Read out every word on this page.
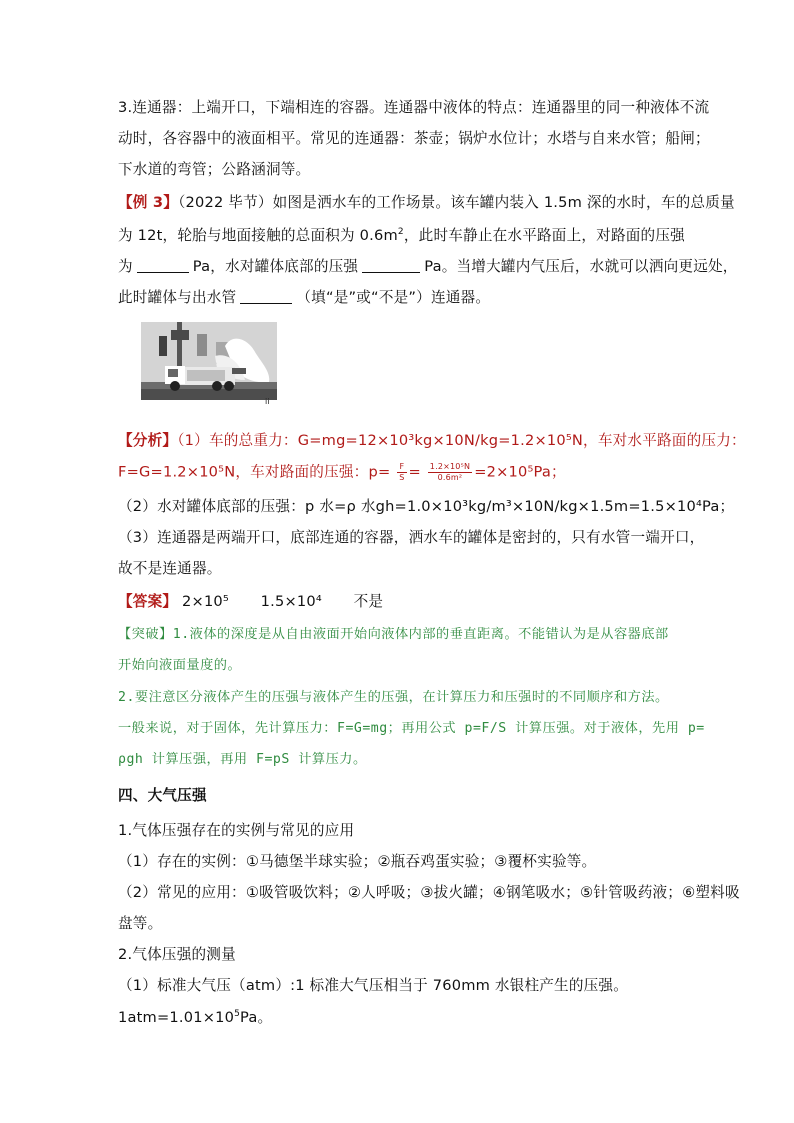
3.连通器：上端开口，下端相连的容器。连通器中液体的特点：连通器里的同一种液体不流
动时，各容器中的液面相平。常见的连通器：茶壶；锅炉水位计；水塔与自来水管；船闸；
下水道的弯管；公路涵洞等。
【例 3】（2022 毕节）如图是洒水车的工作场景。该车罐内装入 1.5m 深的水时，车的总质量
为 12t，轮胎与地面接触的总面积为 $0.6m^2$，此时车静止在水平路面上，对路面的压强
为	Pa，水对罐体底部的压强	Pa。当增大罐内气压后，水就可以洒向更远处，
此时罐体与出水管	（填“是”或“不是”）连通器。
ii
【分析】（1）车的总重力：G=mg=12×10³kg×10N/kg=1.2×10⁵N，车对水平路面的压力：
F=G=1.2×10⁵N，车对路面的压强：$p= \frac{F}{S} = \frac{\text{1.2×10⁵N}}{\text{0.6m²}} =2\times 10^5Pa$；
（2）水对罐体底部的压强：p 水=ρ 水gh=1.0×10³kg/m³×10N/kg×1.5m=1.5×10⁴Pa；
（3）连通器是两端开口，底部连通的容器，洒水车的罐体是密封的，只有水管一端开口，
故不是连通器。
【答案】 2×10⁵ 1.5×10⁴ 不是
【突破】1.液体的深度是从自由液面开始向液体内部的垂直距离。不能错认为是从容器底部
开始向液面量度的。
2.要注意区分液体产生的压强与液体产生的压强，在计算压力和压强时的不同顺序和方法。
一般来说，对于固体，先计算压力：F=G=mg；再用公式 p=F/S 计算压强。对于液体，先用 p=
ρgh 计算压强，再用 F=pS 计算压力。
四、大气压强
1.气体压强存在的实例与常见的应用
（1）存在的实例：①马德堡半球实验；②瓶吞鸡蛋实验；③覆杯实验等。
（2）常见的应用：①吸管吸饮料；②人呼吸；③拔火罐；④钢笔吸水；⑤针管吸药液；⑥塑料吸
盘等。
2.气体压强的测量
（1）标准大气压（atm）:1 标准大气压相当于 760mm 水银柱产生的压强。
$1atm=1.01\times 10^5Pa$。
